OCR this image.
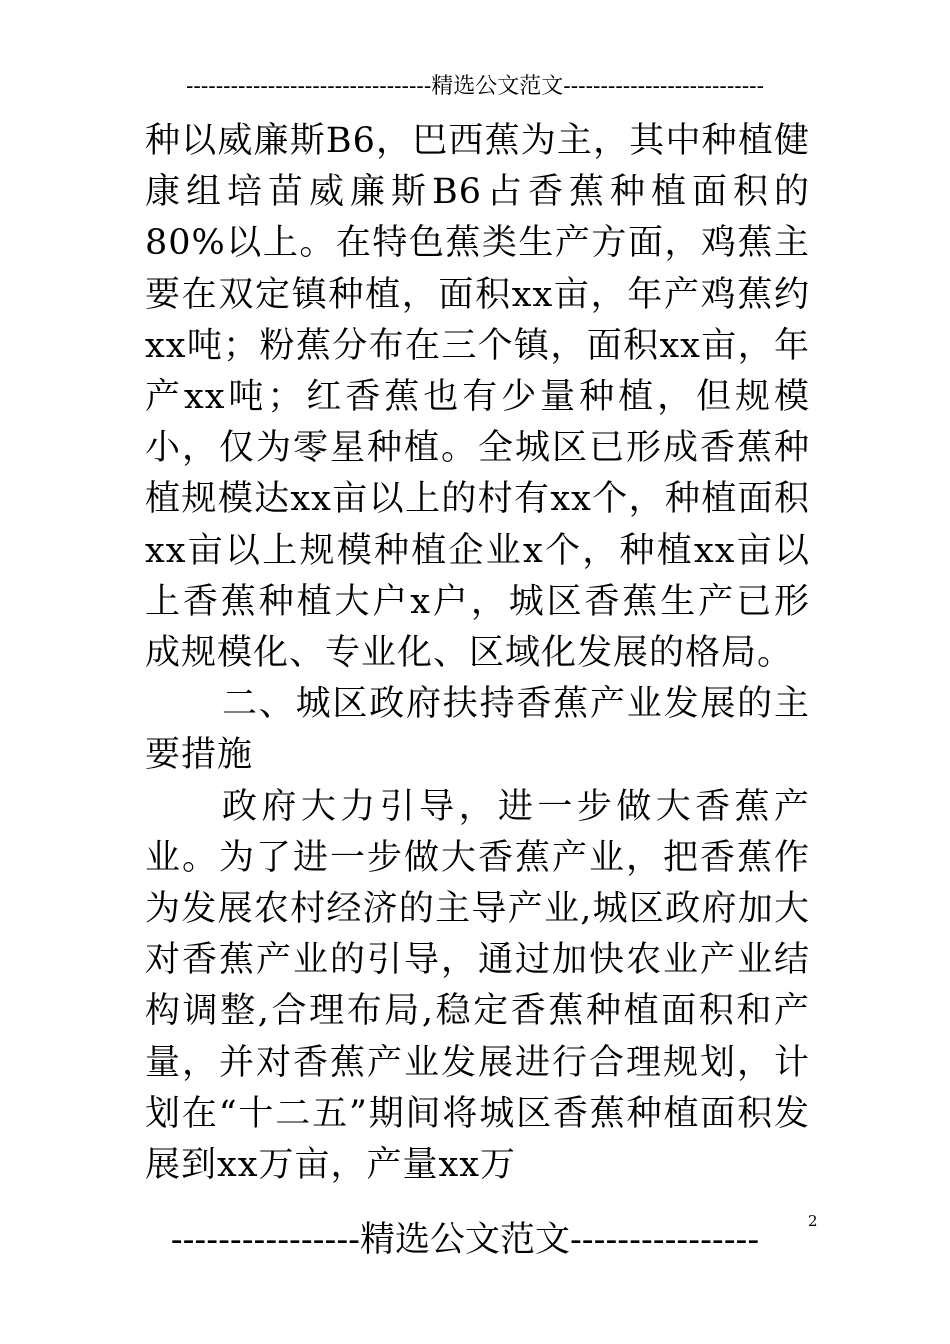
---------------------------------精选公文范文---------------------------

种以威廉斯B6，巴西蕉为主，其中种植健康组培苗威廉斯B6占香蕉种植面积的80%以上。在特色蕉类生产方面，鸡蕉主要在双定镇种植，面积xx亩，年产鸡蕉约xx吨；粉蕉分布在三个镇，面积xx亩，年产xx吨；红香蕉也有少量种植，但规模小，仅为零星种植。全城区已形成香蕉种植规模达xx亩以上的村有xx个，种植面积xx亩以上规模种植企业x个，种植xx亩以上香蕉种植大户x户，城区香蕉生产已形成规模化、专业化、区域化发展的格局。

二、城区政府扶持香蕉产业发展的主要措施

政府大力引导，进一步做大香蕉产业。为了进一步做大香蕉产业，把香蕉作为发展农村经济的主导产业,城区政府加大对香蕉产业的引导，通过加快农业产业结构调整,合理布局,稳定香蕉种植面积和产量，并对香蕉产业发展进行合理规划，计划在“十二五”期间将城区香蕉种植面积发展到xx万亩，产量xx万

----------------精选公文范文----------------	2
